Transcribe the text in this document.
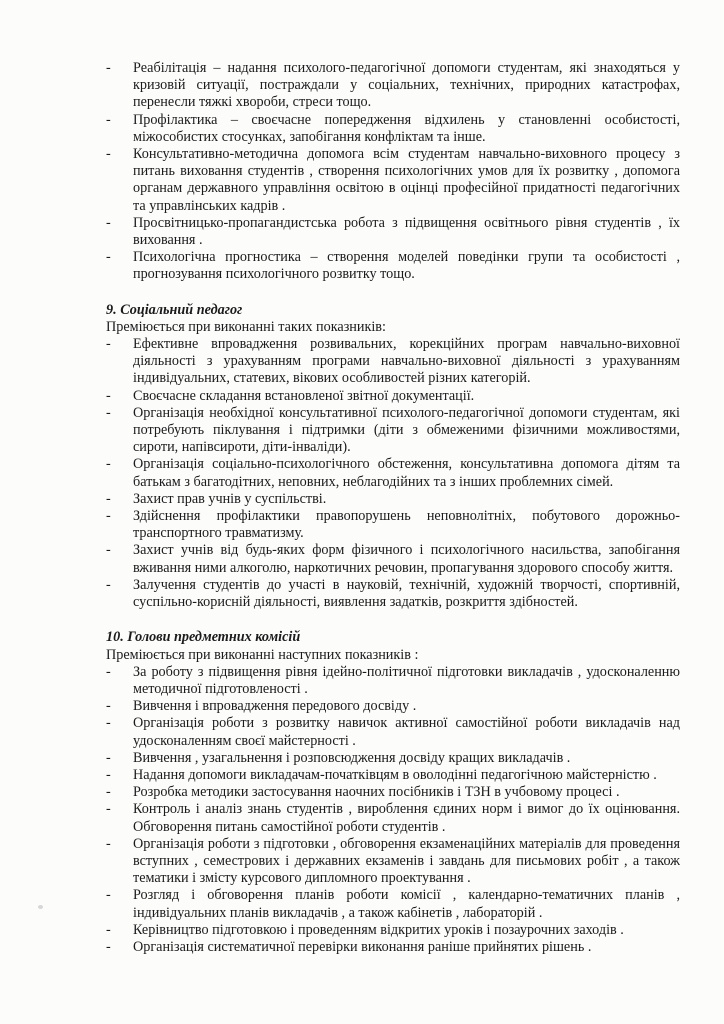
- Реабілітація – надання психолого-педагогічної допомоги студентам, які знаходяться у кризовій ситуації, постраждали у соціальних, технічних, природних катастрофах, перенесли тяжкі хвороби, стреси тощо.
- Профілактика – своєчасне попередження відхилень у становленні особистості, міжособистих стосунках, запобігання конфліктам та інше.
- Консультативно-методична допомога всім студентам навчально-виховного процесу з питань виховання студентів , створення психологічних умов для їх розвитку , допомога органам державного управління освітою в оцінці професійної придатності педагогічних та управлінських кадрів .
- Просвітницько-пропагандистська робота з підвищення освітнього рівня студентів , їх виховання .
- Психологічна прогностика – створення моделей поведінки групи та особистості , прогнозування психологічного розвитку тощо.

9. Соціальний педагог

Преміюється при виконанні таких показників:

- Ефективне впровадження розвивальних, корекційних програм навчально-виховної діяльності з урахуванням програми навчально-виховної діяльності з урахуванням індивідуальних, статевих, вікових особливостей різних категорій.
- Своєчасне складання встановленої звітної документації.
- Організація необхідної консультативної психолого-педагогічної допомоги студентам, які потребують піклування і підтримки (діти з обмеженими фізичними можливостями, сироти, напівсироти, діти-інваліди).
- Організація соціально-психологічного обстеження, консультативна допомога дітям та батькам з багатодітних, неповних, неблагодійних та з інших проблемних сімей.
- Захист прав учнів у суспільстві.
- Здійснення профілактики правопорушень неповнолітніх, побутового дорожньо-транспортного травматизму.
- Захист учнів від будь-яких форм фізичного і психологічного насильства, запобігання вживання ними алкоголю, наркотичних речовин, пропагування здорового способу життя.
- Залучення студентів до участі в науковій, технічній, художній творчості, спортивній, суспільно-корисній діяльності, виявлення задатків, розкриття здібностей.

10. Голови предметних комісій

Преміюється при виконанні наступних показників :

- За роботу з підвищення рівня ідейно-політичної підготовки викладачів , удосконаленню методичної підготовленості .
- Вивчення і впровадження передового досвіду .
- Організація роботи з розвитку навичок активної самостійної роботи викладачів над удосконаленням своєї майстерності .
- Вивчення , узагальнення і розповсюдження досвіду кращих викладачів .
- Надання допомоги викладачам-початківцям в оволодінні педагогічною майстерністю .
- Розробка методики застосування наочних посібників і ТЗН в учбовому процесі .
- Контроль і аналіз знань студентів , вироблення єдиних норм і вимог до їх оцінювання. Обговорення питань самостійної роботи студентів .
- Організація роботи з підготовки , обговорення екзаменаційних матеріалів для проведення вступних , семестрових і державних екзаменів і завдань для письмових робіт , а також тематики і змісту курсового дипломного проектування .
- Розгляд і обговорення планів роботи комісії , календарно-тематичних планів , індивідуальних планів викладачів , а також кабінетів , лабораторій .
- Керівництво підготовкою і проведенням відкритих уроків і позаурочних заходів .
- Організація систематичної перевірки виконання раніше прийнятих рішень .
